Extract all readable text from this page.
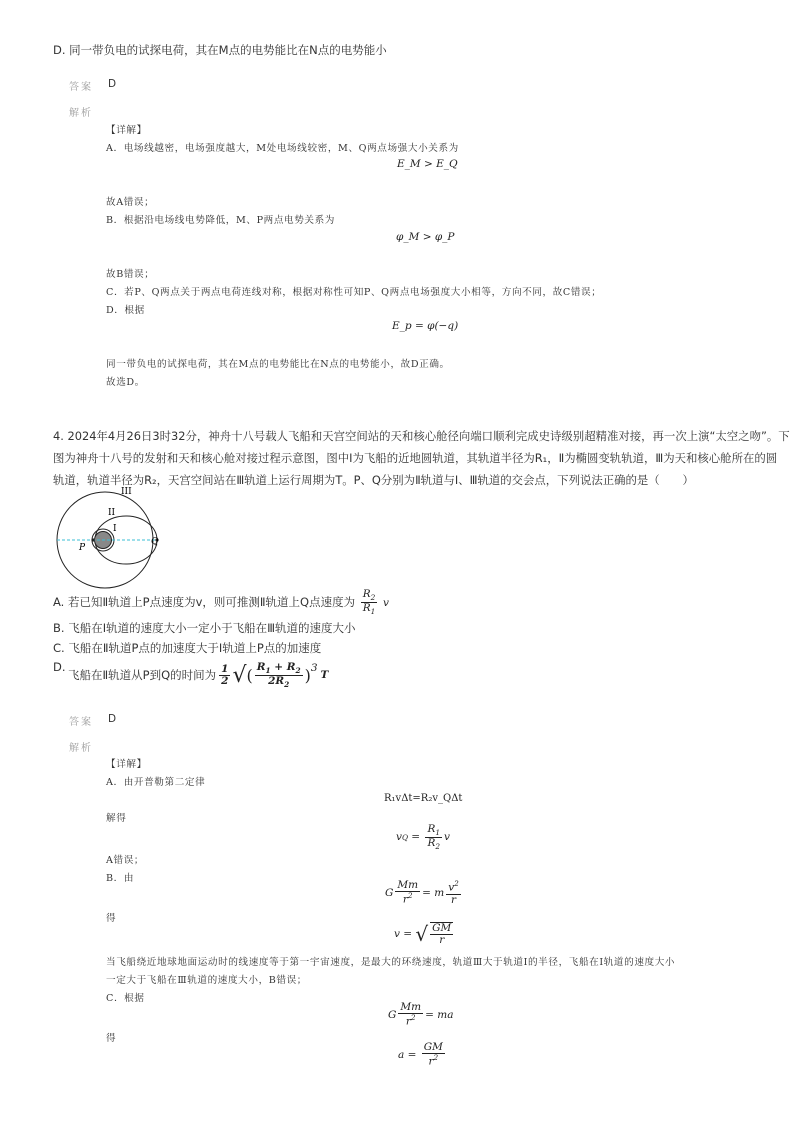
D. 同一带负电的试探电荷，其在M点的电势能比在N点的电势能小
答案 D
解析
【详解】
A．电场线越密，电场强度越大，M处电场线较密，M、Q两点场强大小关系为
E_M > E_Q
故A错误；
B．根据沿电场线电势降低，M、P两点电势关系为
φ_M > φ_P
故B错误；
C．若P、Q两点关于两点电荷连线对称，根据对称性可知P、Q两点电场强度大小相等，方向不同，故C错误；
D．根据
E_p = φ(−q)
同一带负电的试探电荷，其在M点的电势能比在N点的电势能小，故D正确。
故选D。
4. 2024年4月26日3时32分，神舟十八号载人飞船和天宫空间站的天和核心舱径向端口顺利完成史诗级别超精准对接，再一次上演“太空之吻”。下
图为神舟十八号的发射和天和核心舱对接过程示意图，图中Ⅰ为飞船的近地圆轨道，其轨道半径为R₁，Ⅱ为椭圆变轨轨道，Ⅲ为天和核心舱所在的圆
轨道，轨道半径为R₂，天宫空间站在Ⅲ轨道上运行周期为T。P、Q分别为Ⅱ轨道与Ⅰ、Ⅲ轨道的交会点，下列说法正确的是（　　）
III
II
I
P
Q
A. 若已知Ⅱ轨道上P点速度为v，则可推测Ⅱ轨道上Q点速度为 $\frac{R_2}{R_1}$ v
B. 飞船在Ⅰ轨道的速度大小一定小于飞船在Ⅲ轨道的速度大小
C. 飞船在Ⅱ轨道P点的加速度大于Ⅰ轨道上P点的加速度
D.
飞船在Ⅱ轨道从P到Q的时间为 $\frac{1}{2}$ √ ( $\frac{R_1 + R_2}{2R_2}$ ) 3
T
答案 D
解析
【详解】
A．由开普勒第二定律
R₁vΔt=R₂v_QΔt
解得
v $Q = \frac{R_1}{R_2}$ v
A错误；
B．由
G $\frac{Mm}{r^2} = m \frac{v^2}{r}$
得
v = √ $\frac{GM}{r}$
当飞船绕近地球地面运动时的线速度等于第一宇宙速度，是最大的环绕速度，轨道Ⅲ大于轨道Ⅰ的半径，飞船在Ⅰ轨道的速度大小
一定大于飞船在Ⅲ轨道的速度大小，B错误；
C．根据
G $\frac{Mm}{r^2}$ = ma
得
$a = \frac{GM}{r^2}$
